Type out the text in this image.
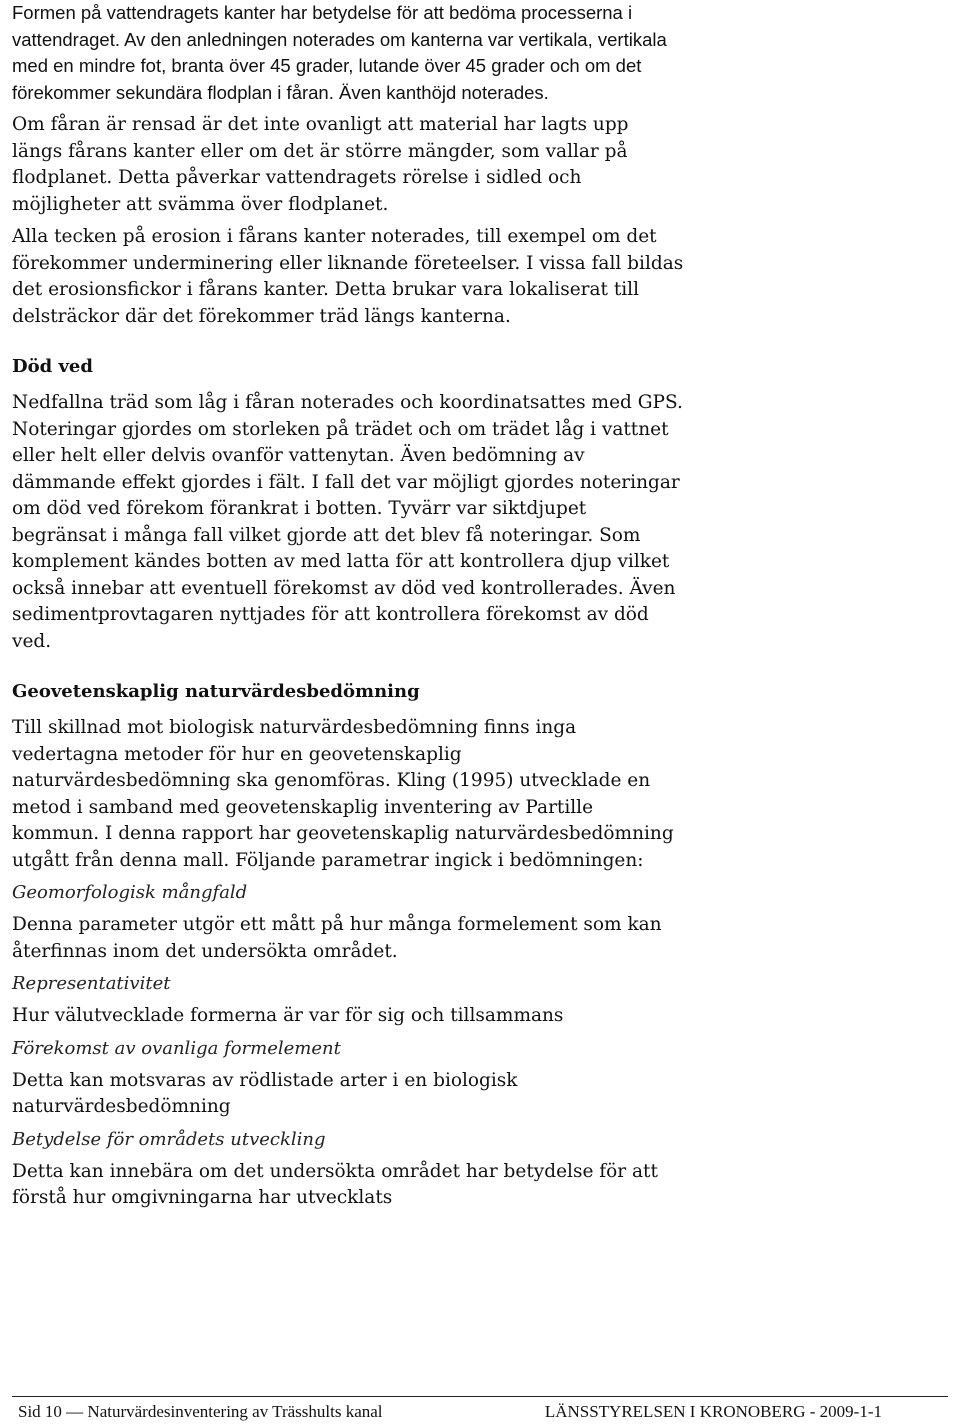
Formen på vattendragets kanter har betydelse för att bedöma processerna i vattendraget. Av den anledningen noterades om kanterna var vertikala, vertikala med en mindre fot, branta över 45 grader, lutande över 45 grader och om det förekommer sekundära flodplan i fåran. Även kanthöjd noterades.

Om fåran är rensad är det inte ovanligt att material har lagts upp längs fårans kanter eller om det är större mängder, som vallar på flodplanet. Detta påverkar vattendragets rörelse i sidled och möjligheter att svämma över flodplanet.

Alla tecken på erosion i fårans kanter noterades, till exempel om det förekommer underminering eller liknande företeelser. I vissa fall bildas det erosionsfickor i fårans kanter. Detta brukar vara lokaliserat till delsträckor där det förekommer träd längs kanterna.

Död ved

Nedfallna träd som låg i fåran noterades och koordinatsattes med GPS. Noteringar gjordes om storleken på trädet och om trädet låg i vattnet eller helt eller delvis ovanför vattenytan. Även bedömning av dämmande effekt gjordes i fält. I fall det var möjligt gjordes noteringar om död ved förekom förankrat i botten. Tyvärr var siktdjupet begränsat i många fall vilket gjorde att det blev få noteringar. Som komplement kändes botten av med latta för att kontrollera djup vilket också innebar att eventuell förekomst av död ved kontrollerades. Även sedimentprovtagaren nyttjades för att kontrollera förekomst av död ved.

Geovetenskaplig naturvärdesbedömning

Till skillnad mot biologisk naturvärdesbedömning finns inga vedertagna metoder för hur en geovetenskaplig naturvärdesbedömning ska genomföras. Kling (1995) utvecklade en metod i samband med geovetenskaplig inventering av Partille kommun. I denna rapport har geovetenskaplig naturvärdesbedömning utgått från denna mall. Följande parametrar ingick i bedömningen:

Geomorfologisk mångfald

Denna parameter utgör ett mått på hur många formelement som kan återfinnas inom det undersökta området.

Representativitet

Hur välutvecklade formerna är var för sig och tillsammans

Förekomst av ovanliga formelement

Detta kan motsvaras av rödlistade arter i en biologisk naturvärdesbedömning

Betydelse för områdets utveckling

Detta kan innebära om det undersökta området har betydelse för att förstå hur omgivningarna har utvecklats

Sid 10 — Naturvärdesinventering av Trässhults kanal	LÄNSSTYRELSEN I KRONOBERG - 2009-1-1
